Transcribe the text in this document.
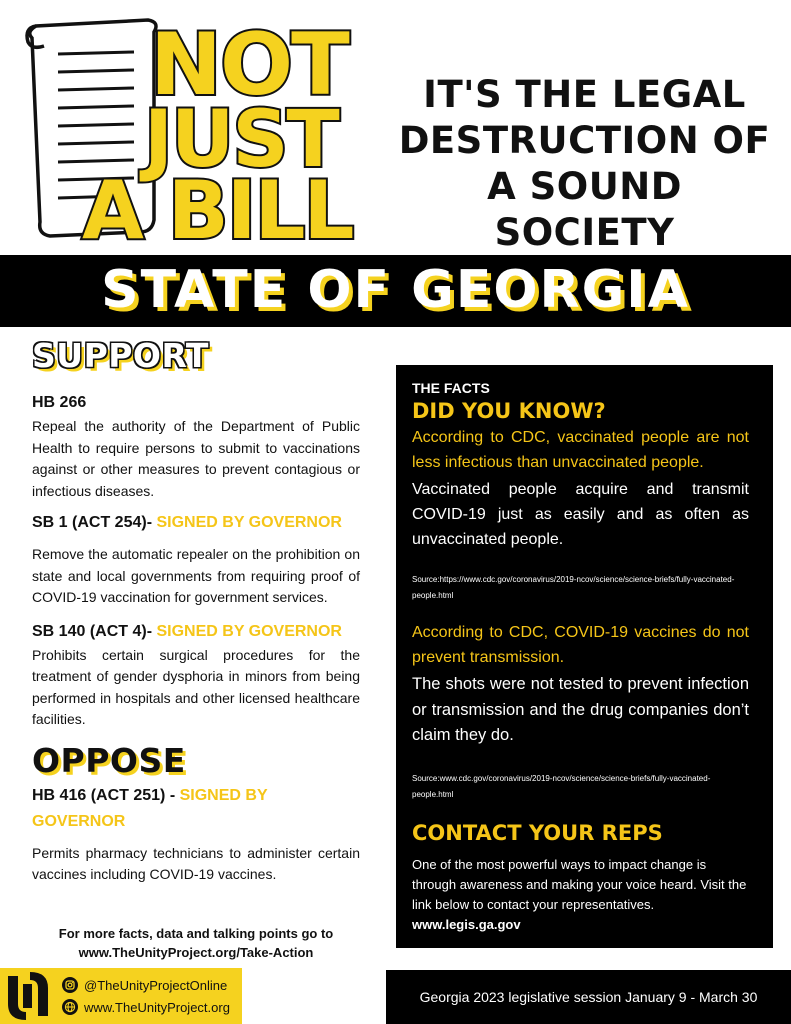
NOT
JUST
A BILL
IT'S THE LEGAL
DESTRUCTION OF
A SOUND SOCIETY
STATE OF GEORGIA
SUPPORT
HB 266
Repeal the authority of the Department of Public Health to require persons to submit to vaccinations against or other measures to prevent contagious or infectious diseases.
SB 1 (ACT 254)- SIGNED BY GOVERNOR
Remove the automatic repealer on the prohibition on state and local governments from requiring proof of COVID-19 vaccination for government services.
SB 140 (ACT 4)- SIGNED BY GOVERNOR
Prohibits certain surgical procedures for the treatment of gender dysphoria in minors from being performed in hospitals and other licensed healthcare facilities.
OPPOSE
HB 416 (ACT 251) - SIGNED BY GOVERNOR
Permits pharmacy technicians to administer certain vaccines including COVID-19 vaccines.
For more facts, data and talking points go to
www.TheUnityProject.org/Take-Action
THE FACTS
DID YOU KNOW?
According to CDC, vaccinated people are not less infectious than unvaccinated people.
Vaccinated people acquire and transmit COVID-19 just as easily and as often as unvaccinated people.
Source:https://www.cdc.gov/coronavirus/2019-ncov/science/science-briefs/fully-vaccinated-people.html
According to CDC, COVID-19 vaccines do not prevent transmission.
The shots were not tested to prevent infection or transmission and the drug companies don’t claim they do.
Source:www.cdc.gov/coronavirus/2019-ncov/science/science-briefs/fully-vaccinated-people.html
CONTACT YOUR REPS
One of the most powerful ways to impact change is through awareness and making your voice heard. Visit the link below to contact your representatives.
www.legis.ga.gov
@TheUnityProjectOnline
www.TheUnityProject.org
Georgia 2023 legislative session January 9 - March 30
